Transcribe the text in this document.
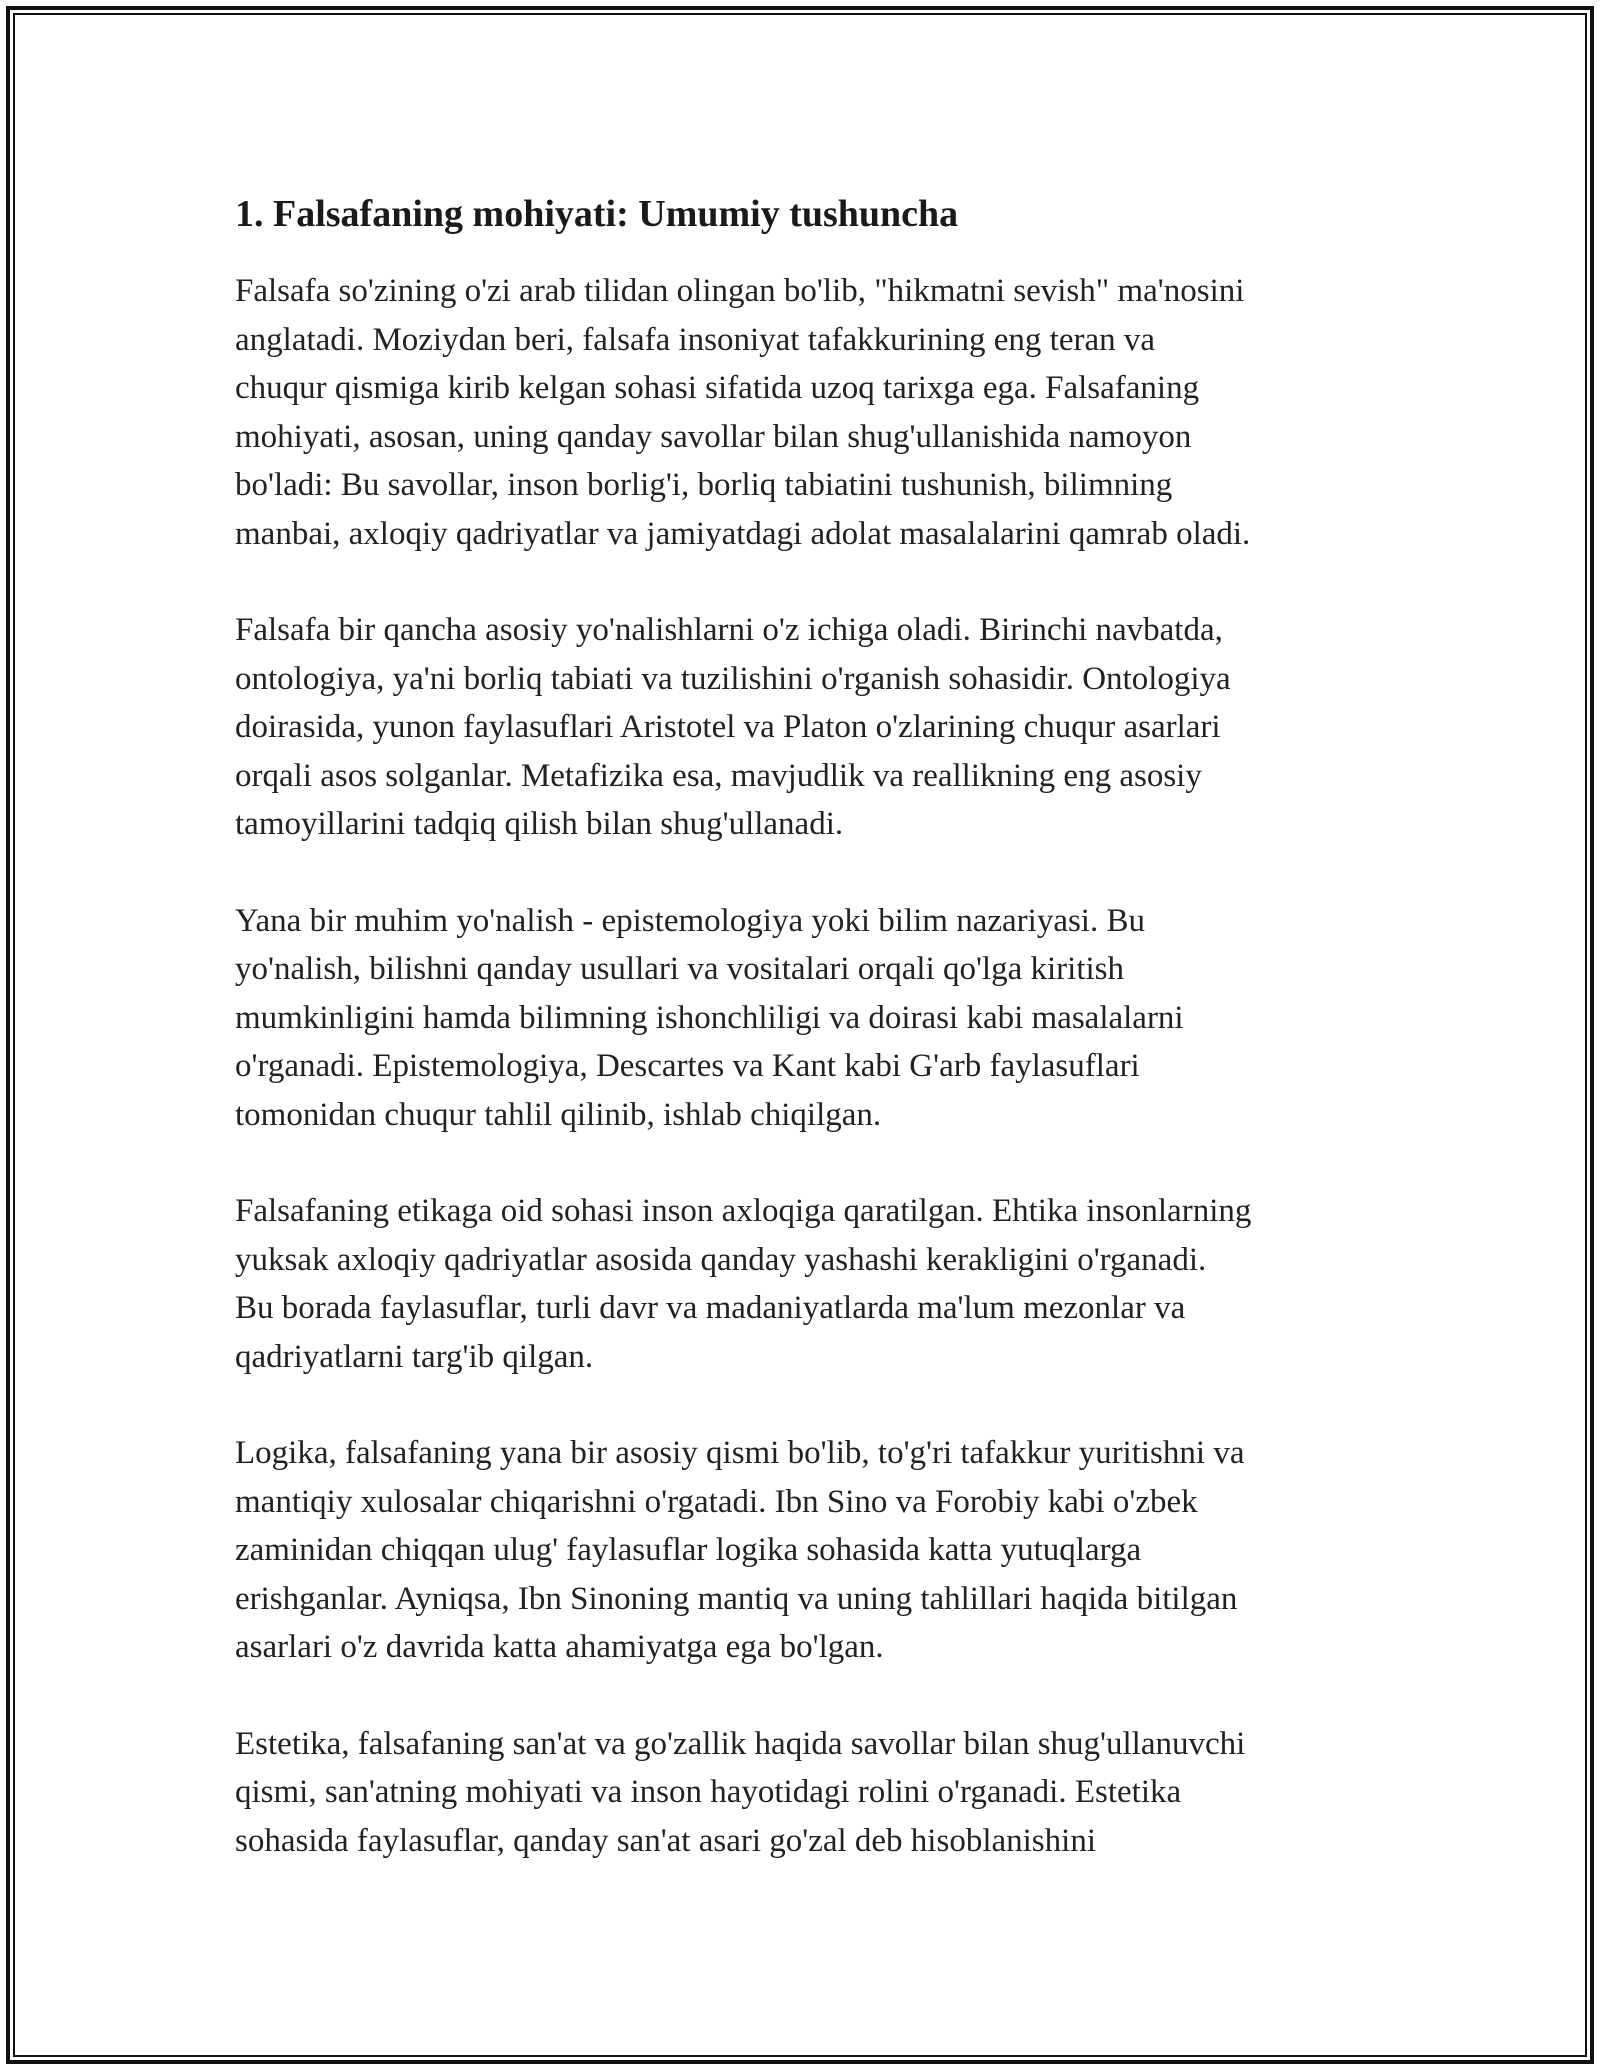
1. Falsafaning mohiyati: Umumiy tushuncha

Falsafa so'zining o'zi arab tilidan olingan bo'lib, "hikmatni sevish" ma'nosini
anglatadi. Moziydan beri, falsafa insoniyat tafakkurining eng teran va
chuqur qismiga kirib kelgan sohasi sifatida uzoq tarixga ega. Falsafaning
mohiyati, asosan, uning qanday savollar bilan shug'ullanishida namoyon
bo'ladi: Bu savollar, inson borlig'i, borliq tabiatini tushunish, bilimning
manbai, axloqiy qadriyatlar va jamiyatdagi adolat masalalarini qamrab oladi.

Falsafa bir qancha asosiy yo'nalishlarni o'z ichiga oladi. Birinchi navbatda,
ontologiya, ya'ni borliq tabiati va tuzilishini o'rganish sohasidir. Ontologiya
doirasida, yunon faylasuflari Aristotel va Platon o'zlarining chuqur asarlari
orqali asos solganlar. Metafizika esa, mavjudlik va reallikning eng asosiy
tamoyillarini tadqiq qilish bilan shug'ullanadi.

Yana bir muhim yo'nalish - epistemologiya yoki bilim nazariyasi. Bu
yo'nalish, bilishni qanday usullari va vositalari orqali qo'lga kiritish
mumkinligini hamda bilimning ishonchliligi va doirasi kabi masalalarni
o'rganadi. Epistemologiya, Descartes va Kant kabi G'arb faylasuflari
tomonidan chuqur tahlil qilinib, ishlab chiqilgan.

Falsafaning etikaga oid sohasi inson axloqiga qaratilgan. Ehtika insonlarning
yuksak axloqiy qadriyatlar asosida qanday yashashi kerakligini o'rganadi.
Bu borada faylasuflar, turli davr va madaniyatlarda ma'lum mezonlar va
qadriyatlarni targ'ib qilgan.

Logika, falsafaning yana bir asosiy qismi bo'lib, to'g'ri tafakkur yuritishni va
mantiqiy xulosalar chiqarishni o'rgatadi. Ibn Sino va Forobiy kabi o'zbek
zaminidan chiqqan ulug' faylasuflar logika sohasida katta yutuqlarga
erishganlar. Ayniqsa, Ibn Sinoning mantiq va uning tahlillari haqida bitilgan
asarlari o'z davrida katta ahamiyatga ega bo'lgan.

Estetika, falsafaning san'at va go'zallik haqida savollar bilan shug'ullanuvchi
qismi, san'atning mohiyati va inson hayotidagi rolini o'rganadi. Estetika
sohasida faylasuflar, qanday san'at asari go'zal deb hisoblanishini
